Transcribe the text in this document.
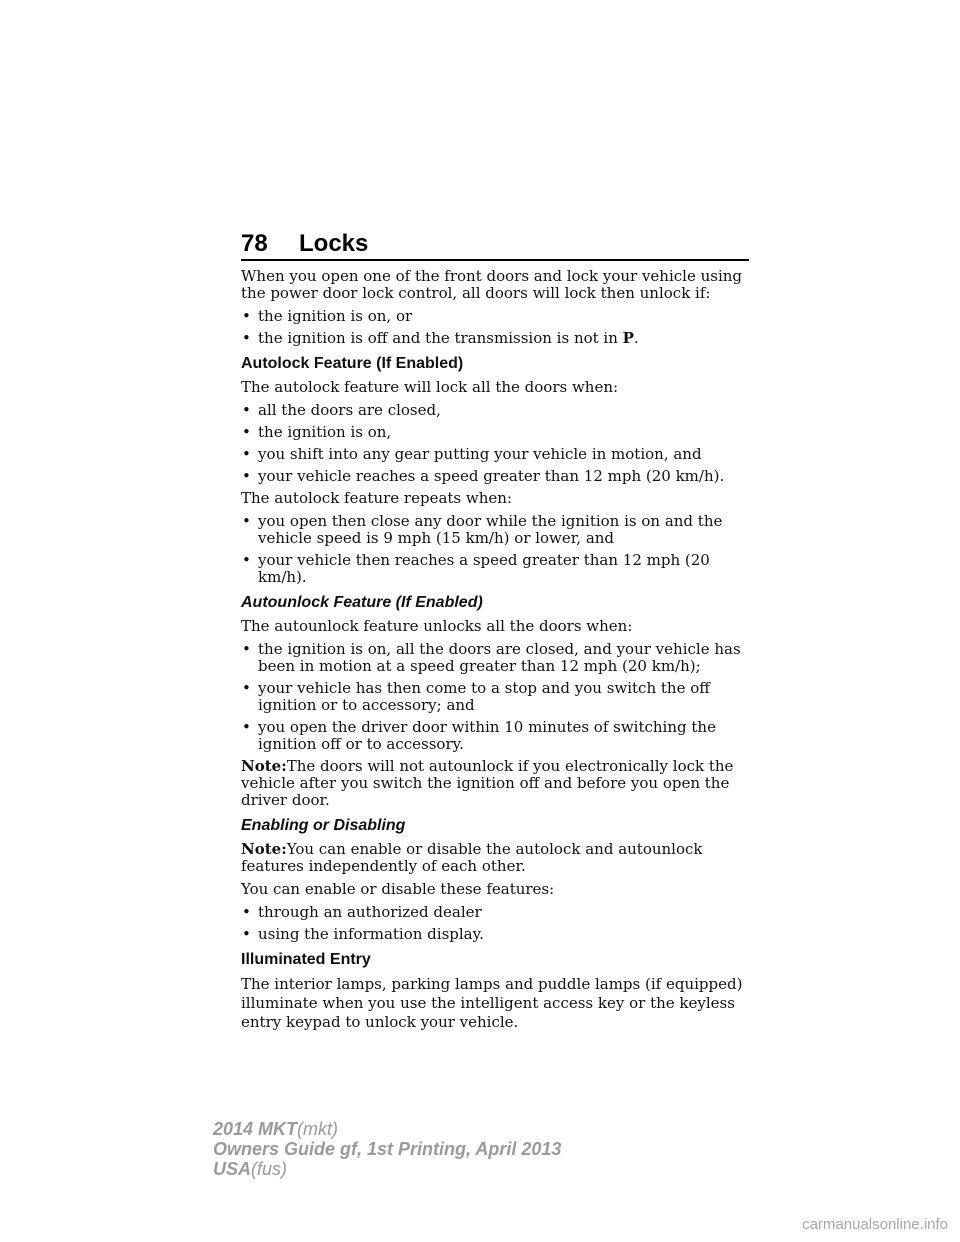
78 Locks

When you open one of the front doors and lock your vehicle using the power door lock control, all doors will lock then unlock if:

• the ignition is on, or
• the ignition is off and the transmission is not in P.
Autolock Feature (If Enabled)

The autolock feature will lock all the doors when:

• all the doors are closed,
• the ignition is on,
• you shift into any gear putting your vehicle in motion, and
• your vehicle reaches a speed greater than 12 mph (20 km/h).

The autolock feature repeats when:

• you open then close any door while the ignition is on and the vehicle speed is 9 mph (15 km/h) or lower, and
• your vehicle then reaches a speed greater than 12 mph (20 km/h).
Autounlock Feature (If Enabled)

The autounlock feature unlocks all the doors when:

• the ignition is on, all the doors are closed, and your vehicle has been in motion at a speed greater than 12 mph (20 km/h);
• your vehicle has then come to a stop and you switch the off ignition or to accessory; and
• you open the driver door within 10 minutes of switching the ignition off or to accessory.

Note:The doors will not autounlock if you electronically lock the vehicle after you switch the ignition off and before you open the driver door.

Enabling or Disabling

Note:You can enable or disable the autolock and autounlock features independently of each other.

You can enable or disable these features:

• through an authorized dealer
• using the information display.
Illuminated Entry

The interior lamps, parking lamps and puddle lamps (if equipped) illuminate when you use the intelligent access key or the keyless entry keypad to unlock your vehicle.

2014 MKT(mkt)
Owners Guide gf, 1st Printing, April 2013
USA(fus)
carmanualsonline.info
